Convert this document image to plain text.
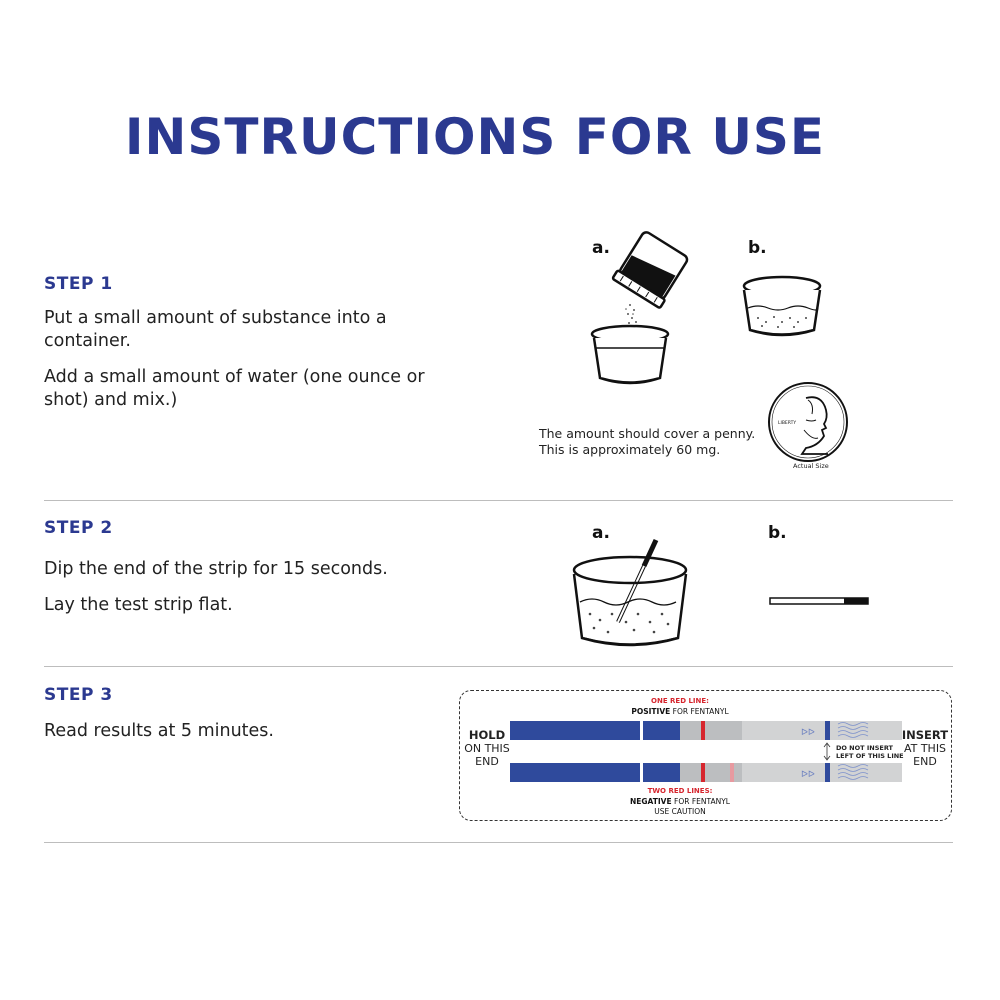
INSTRUCTIONS FOR USE
STEP 1

Put a small amount of substance into a container.

Add a small amount of water (one ounce or shot) and mix.)

a.	b.
The amount should cover a penny.
This is approximately 60 mg.
LIBERTY
Actual Size
STEP 2

Dip the end of the strip for 15 seconds.

Lay the test strip flat.

a.	b.
STEP 3

Read results at 5 minutes.

ONE RED LINE:
POSITIVE FOR FENTANYL
HOLD
ON THIS
END
INSERT
AT THIS
END
ᐅᐅ
ᐅᐅ
DO NOT INSERT
LEFT OF THIS LINE
TWO RED LINES:
NEGATIVE FOR FENTANYL
USE CAUTION
